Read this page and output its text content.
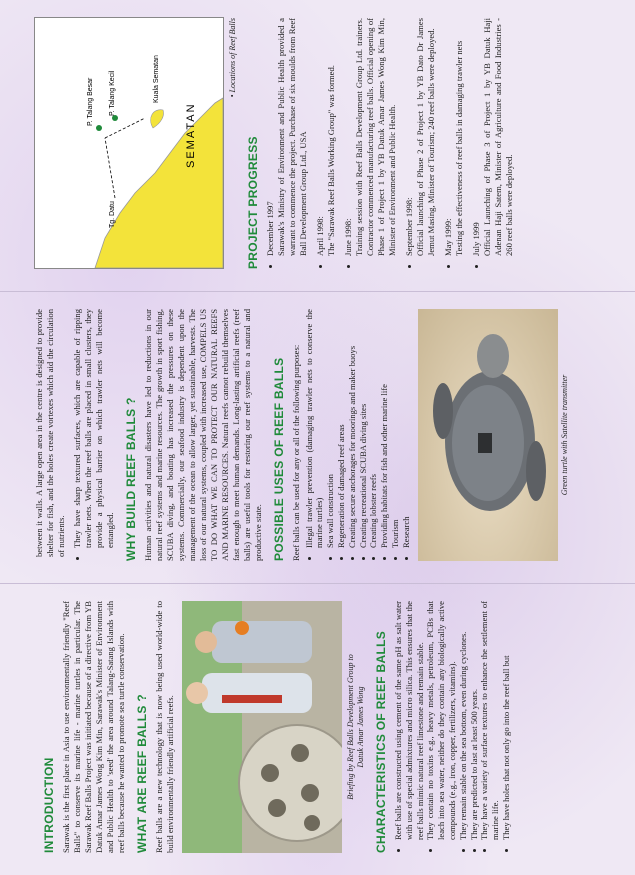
INTRODUCTION Sarawak is the first place in Asia to use environmentally friendly "Reef Balls" to conserve its marine life - marine turtles in particular. The Sarawak Reef Balls Project was initiated because of a directive from YB Datuk Amar James Wong Kim Min, Sarawak's Minister of Environment and Public Health to 'seed' the area around Talang-Satang Islands with reef balls because he wanted to promote sea turtle conservation. WHAT ARE REEF BALLS ? Reef balls are a new technology that is now being used world-wide to build environmentally friendly artificial reefs.	Briefing by Reef Balls Development Group to Datuk Amar James Wong CHARACTERISTICS OF REEF BALLS • Reef balls are constructed using cement of the same pH as salt water with use of special admixtures and micro silica. This ensures that the reef balls mimic natural reef limestone and remain stable. • They contain no toxins e.g., heavy metals, petroleum, PCBs that leach into sea water, neither do they contain any biologically active compounds (e.g., iron, copper, fertilizers, vitamins). • They remain stable on the sea bottom, even during cyclones. • They are predicted to last at least 500 years. • They have a variety of surface textures to enhance the settlement of marine life. • They have holes that not only go into the reef ball but
between it walls. A large open area in the centre is designed to provide shelter for fish, and the holes create vortexes which aid the circulation of nutrients. • They have sharp textured surfaces, which are capable of ripping trawler nets. When the reef balls are placed in small clusters, they provide a physical barrier on which trawler nets will become entangled. WHY BUILD REEF BALLS ? Human activities and natural disasters have led to reductions in our natural reef systems and marine resources. The growth in sport fishing, SCUBA diving, and boating has increased the pressures on these systems. Commercially, our seafood industry is dependent upon the management of the ocean to allow larger, yet sustainable, harvests. The loss of our natural systems, coupled with increased use, COMPELS US TO DO WHAT WE CAN TO PROTECT OUR NATURAL REEFS AND MARINE RESOURCES. Natural reefs cannot rebuild themselves fast enough to meet human demands. Long-lasting artificial reefs (reef balls) are useful tools for restoring our reef systems to a natural and productive state. POSSIBLE USES OF REEF BALLS Reef balls can be used for any or all of the following purposes: • Illegal trawler prevention (damaging trawler nets to conserve the marine turtles) • Sea wall construction • Regeneration of damaged reef areas • Creating secure anchorages for moorings and maker buoys • Creating recreational SCUBA diving sites • Creating lobster reefs • Providing habitats for fish and other marine life • Tourism • Research
Green turtle with Satellite transmitter
P. Talang Besar P. Talang Kecil
Tg. Datu
SEMATAN
Kuala Sematan	• Locations of Reef Balls
PROJECT PROGRESS • December 1997 Sarawak's Ministry of Environment and Public Health provided a warrant to commence the project. Purchase of six moulds from Reef Ball Development Group Ltd., USA • April 1998: The "Sarawak Reef Balls Working Group" was formed. • June 1998: Training session with Reef Balls Development Group Ltd. trainers. Contractor commenced manufacturing reef balls. Official opening of Phase 1 of Project 1 by YB Datuk Amar James Wong Kim Min, Minister of Environment and Public Health. • September 1998: Official launching of Phase 2 of Project 1 by YB Dato Dr James Jemut Masing, Minister of Tourism; 240 reef balls were deployed. • May 1999: Testing the effectiveness of reef balls in damaging trawler nets • July 1999 Official Launching of Phase 3 of Project 1 by YB Datuk Haji Adenan Haji Satem, Minister of Agriculture and Food Industries - 260 reef balls were deployed.
